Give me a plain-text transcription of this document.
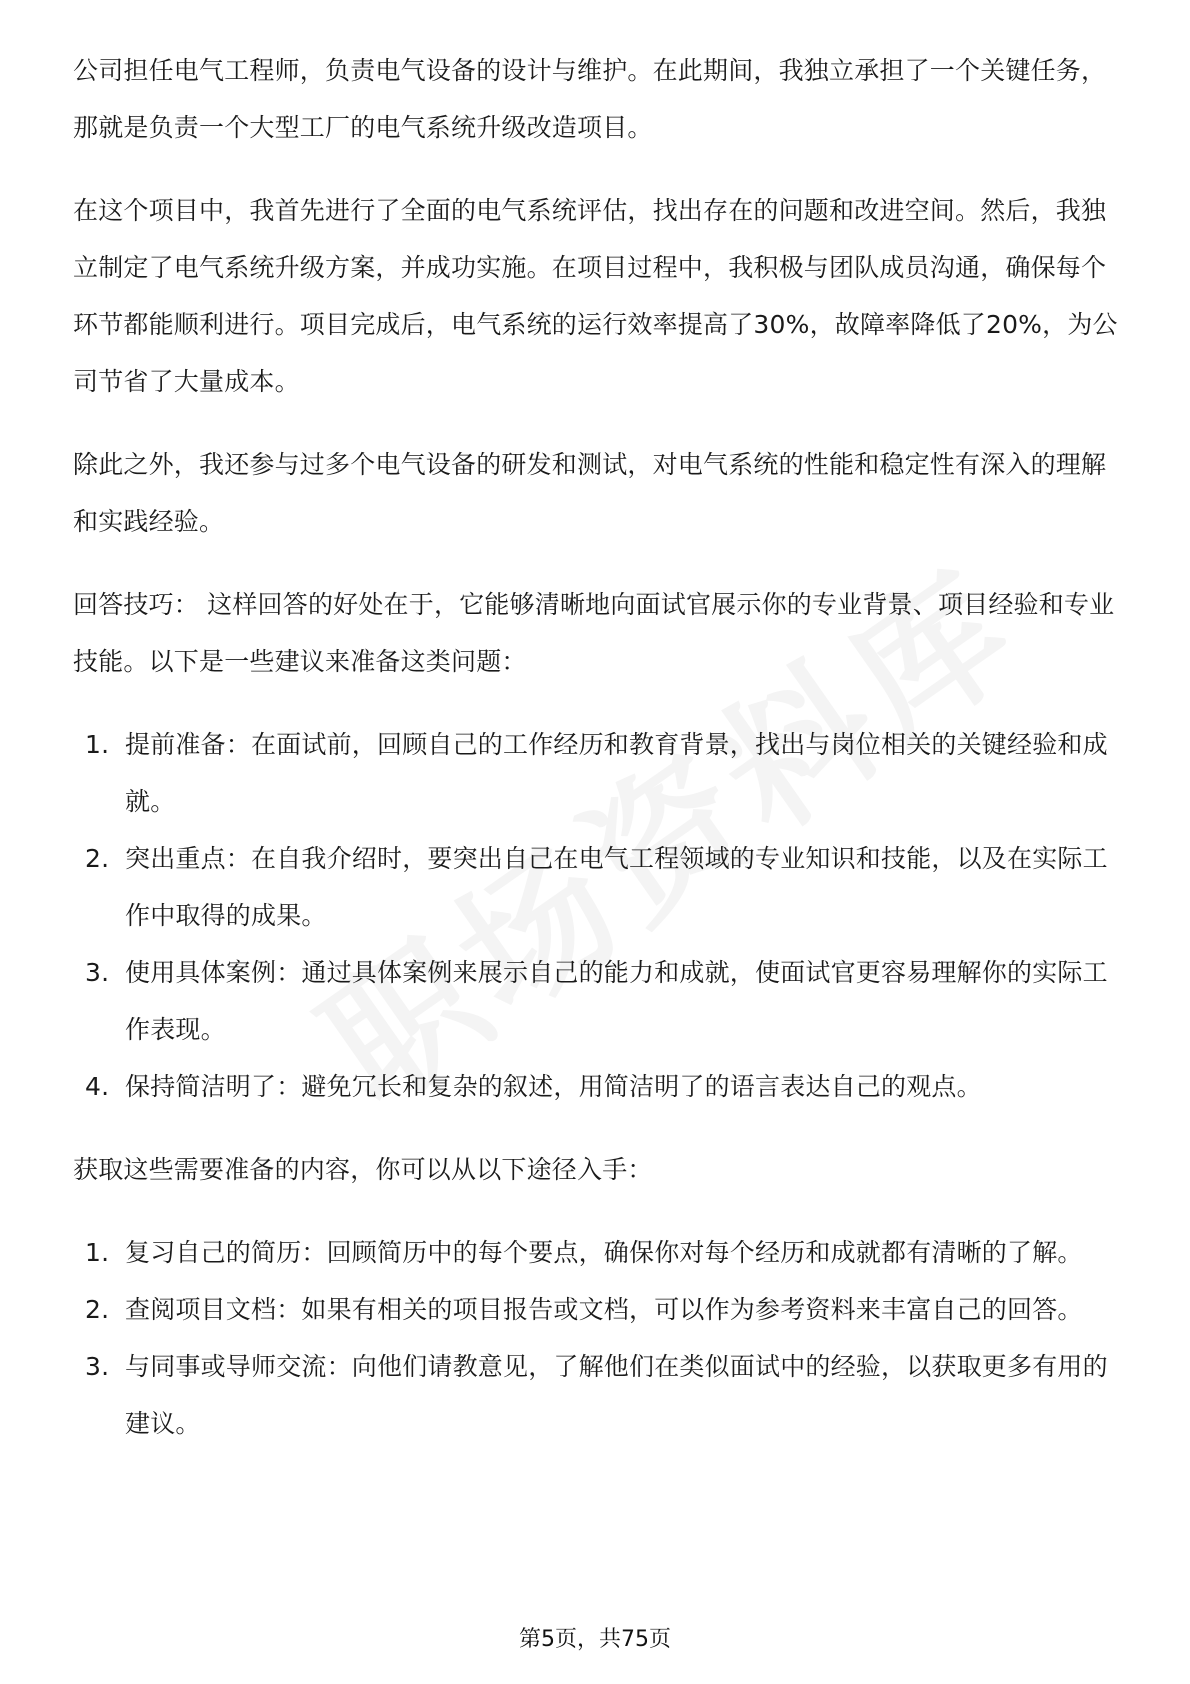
公司担任电气工程师，负责电气设备的设计与维护。在此期间，我独立承担了一个关键任务，那就是负责一个大型工厂的电气系统升级改造项目。

在这个项目中，我首先进行了全面的电气系统评估，找出存在的问题和改进空间。然后，我独立制定了电气系统升级方案，并成功实施。在项目过程中，我积极与团队成员沟通，确保每个环节都能顺利进行。项目完成后，电气系统的运行效率提高了30%，故障率降低了20%，为公司节省了大量成本。

除此之外，我还参与过多个电气设备的研发和测试，对电气系统的性能和稳定性有深入的理解和实践经验。

回答技巧： 这样回答的好处在于，它能够清晰地向面试官展示你的专业背景、项目经验和专业技能。以下是一些建议来准备这类问题：

1. 提前准备：在面试前，回顾自己的工作经历和教育背景，找出与岗位相关的关键经验和成就。
2. 突出重点：在自我介绍时，要突出自己在电气工程领域的专业知识和技能，以及在实际工作中取得的成果。
3. 使用具体案例：通过具体案例来展示自己的能力和成就，使面试官更容易理解你的实际工作表现。
4. 保持简洁明了：避免冗长和复杂的叙述，用简洁明了的语言表达自己的观点。

获取这些需要准备的内容，你可以从以下途径入手：

1. 复习自己的简历：回顾简历中的每个要点，确保你对每个经历和成就都有清晰的了解。
2. 查阅项目文档：如果有相关的项目报告或文档，可以作为参考资料来丰富自己的回答。
3. 与同事或导师交流：向他们请教意见，了解他们在类似面试中的经验，以获取更多有用的建议。
第5页，共75页
